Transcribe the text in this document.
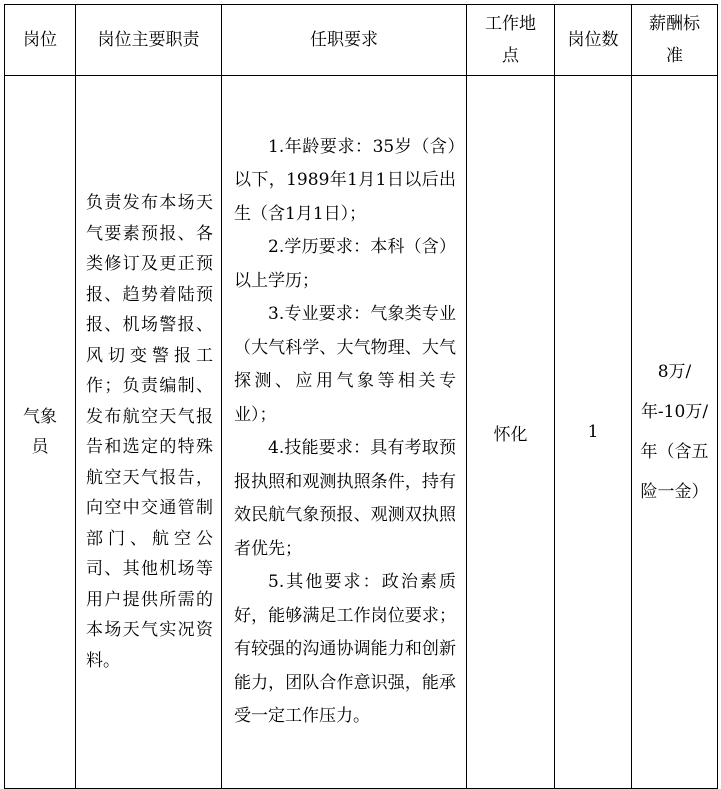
岗位	岗位主要职责	任职要求	工作地点	岗位数	薪酬标准
气象员	负责发布本场天气要素预报、各类修订及更正预报、趋势着陆预报、机场警报、风切变警报工作；负责编制、发布航空天气报告和选定的特殊航空天气报告，向空中交通管制部门、航空公司、其他机场等用户提供所需的本场天气实况资料。	1.年龄要求：35岁（含）以下，1989年1月1日以后出生（含1月1日）；
2.学历要求：本科（含）以上学历；
3.专业要求：气象类专业（大气科学、大气物理、大气探测、应用气象等相关专业）；
4.技能要求：具有考取预报执照和观测执照条件，持有效民航气象预报、观测双执照者优先；
5.其他要求：政治素质好，能够满足工作岗位要求；有较强的沟通协调能力和创新能力，团队合作意识强，能承受一定工作压力。	怀化	1	8万/年-10万/年（含五险一金）
